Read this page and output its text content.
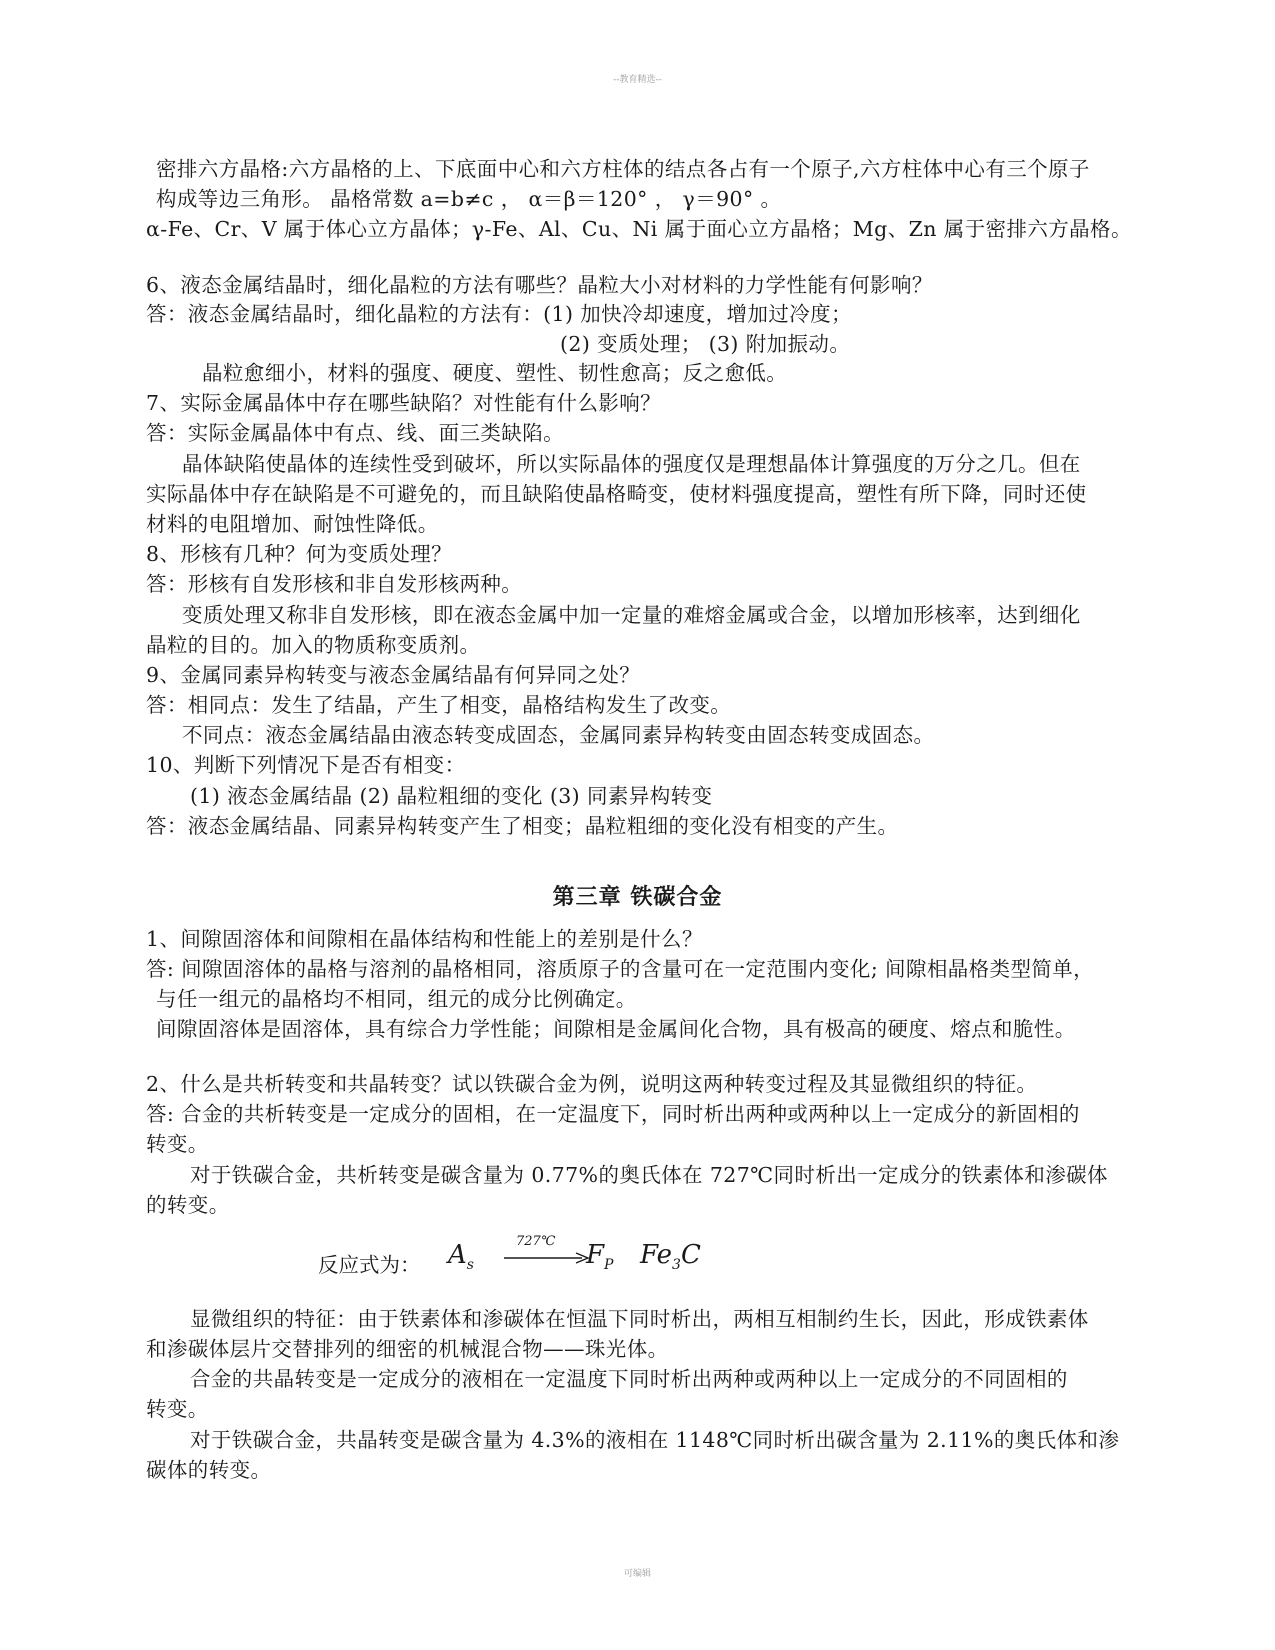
--教育精选--
密排六方晶格:六方晶格的上、下底面中心和六方柱体的结点各占有一个原子,六方柱体中心有三个原子
构成等边三角形。 晶格常数 a=b≠c ， α＝β＝120° ， γ＝90° 。
α-Fe、Cr、V 属于体心立方晶体；γ-Fe、Al、Cu、Ni 属于面心立方晶格；Mg、Zn 属于密排六方晶格。
6、液态金属结晶时，细化晶粒的方法有哪些？晶粒大小对材料的力学性能有何影响？
答：液态金属结晶时，细化晶粒的方法有：(1) 加快冷却速度，增加过冷度；
(2) 变质处理； (3) 附加振动。
晶粒愈细小，材料的强度、硬度、塑性、韧性愈高；反之愈低。
7、实际金属晶体中存在哪些缺陷？对性能有什么影响？
答：实际金属晶体中有点、线、面三类缺陷。
晶体缺陷使晶体的连续性受到破坏，所以实际晶体的强度仅是理想晶体计算强度的万分之几。但在
实际晶体中存在缺陷是不可避免的，而且缺陷使晶格畸变，使材料强度提高，塑性有所下降，同时还使
材料的电阻增加、耐蚀性降低。
8、形核有几种？何为变质处理？
答：形核有自发形核和非自发形核两种。
变质处理又称非自发形核，即在液态金属中加一定量的难熔金属或合金，以增加形核率，达到细化
晶粒的目的。加入的物质称变质剂。
9、金属同素异构转变与液态金属结晶有何异同之处？
答：相同点：发生了结晶，产生了相变，晶格结构发生了改变。
不同点：液态金属结晶由液态转变成固态，金属同素异构转变由固态转变成固态。
10、判断下列情况下是否有相变：
(1) 液态金属结晶 (2) 晶粒粗细的变化 (3) 同素异构转变
答：液态金属结晶、同素异构转变产生了相变；晶粒粗细的变化没有相变的产生。
第三章 铁碳合金
1、间隙固溶体和间隙相在晶体结构和性能上的差别是什么？
答: 间隙固溶体的晶格与溶剂的晶格相同，溶质原子的含量可在一定范围内变化; 间隙相晶格类型简单，
与任一组元的晶格均不相同，组元的成分比例确定。
间隙固溶体是固溶体，具有综合力学性能；间隙相是金属间化合物，具有极高的硬度、熔点和脆性。
2、什么是共析转变和共晶转变？试以铁碳合金为例，说明这两种转变过程及其显微组织的特征。
答: 合金的共析转变是一定成分的固相，在一定温度下，同时析出两种或两种以上一定成分的新固相的
转变。
对于铁碳合金，共析转变是碳含量为 0.77%的奥氏体在 727℃同时析出一定成分的铁素体和渗碳体
的转变。
反应式为： $A_s$
727℃ $F_P$ $Fe_3C$
显微组织的特征：由于铁素体和渗碳体在恒温下同时析出，两相互相制约生长，因此，形成铁素体
和渗碳体层片交替排列的细密的机械混合物——珠光体。
合金的共晶转变是一定成分的液相在一定温度下同时析出两种或两种以上一定成分的不同固相的
转变。
对于铁碳合金，共晶转变是碳含量为 4.3%的液相在 1148℃同时析出碳含量为 2.11%的奥氏体和渗
碳体的转变。
可编辑
